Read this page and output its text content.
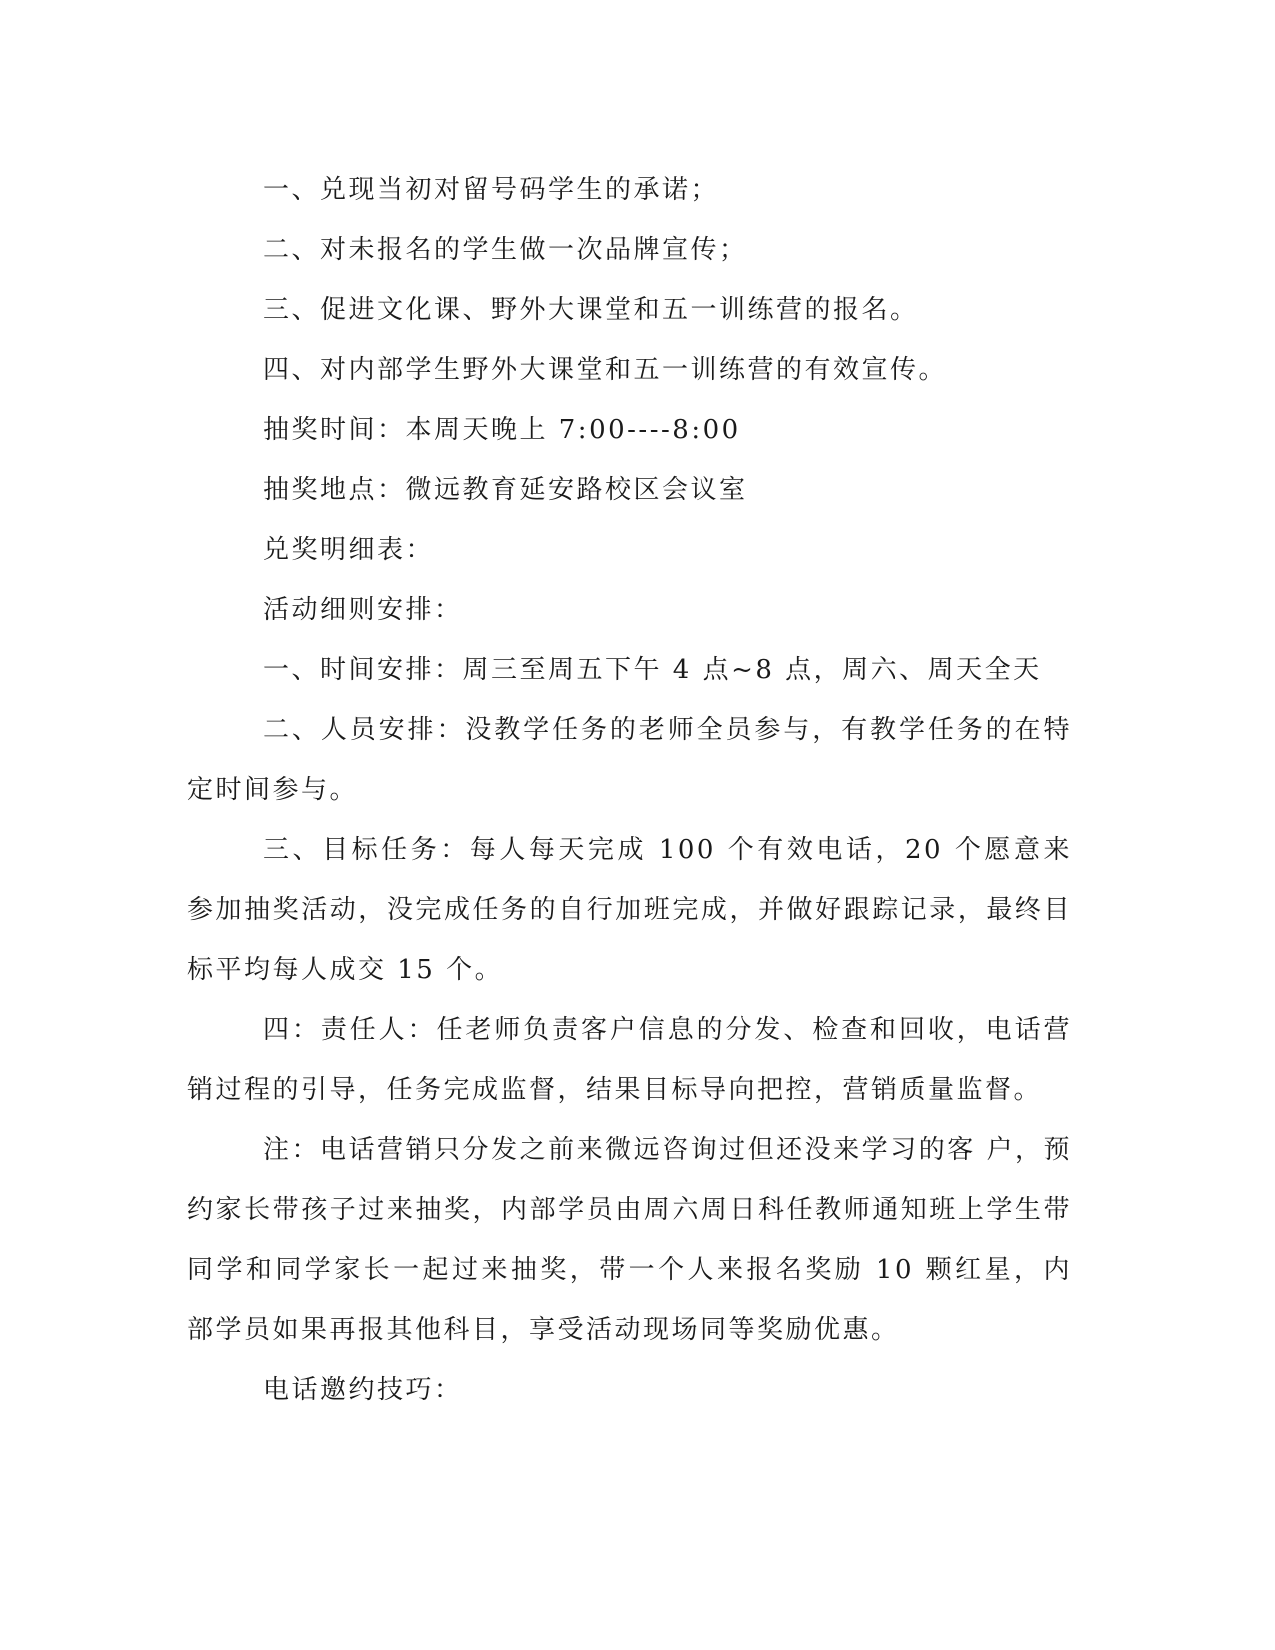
一、兑现当初对留号码学生的承诺；

二、对未报名的学生做一次品牌宣传；

三、促进文化课、野外大课堂和五一训练营的报名。

四、对内部学生野外大课堂和五一训练营的有效宣传。

抽奖时间：本周天晚上 7:00----8:00

抽奖地点：微远教育延安路校区会议室

兑奖明细表：

活动细则安排：

一、时间安排：周三至周五下午 4 点~8 点，周六、周天全天

二、人员安排：没教学任务的老师全员参与，有教学任务的在特定时间参与。

三、目标任务：每人每天完成 100 个有效电话，20 个愿意来参加抽奖活动，没完成任务的自行加班完成，并做好跟踪记录，最终目标平均每人成交 15 个。

四：责任人：任老师负责客户信息的分发、检查和回收，电话营销过程的引导，任务完成监督，结果目标导向把控，营销质量监督。

注：电话营销只分发之前来微远咨询过但还没来学习的客 户，预约家长带孩子过来抽奖，内部学员由周六周日科任教师通知班上学生带同学和同学家长一起过来抽奖，带一个人来报名奖励 10 颗红星，内部学员如果再报其他科目，享受活动现场同等奖励优惠。

电话邀约技巧：
